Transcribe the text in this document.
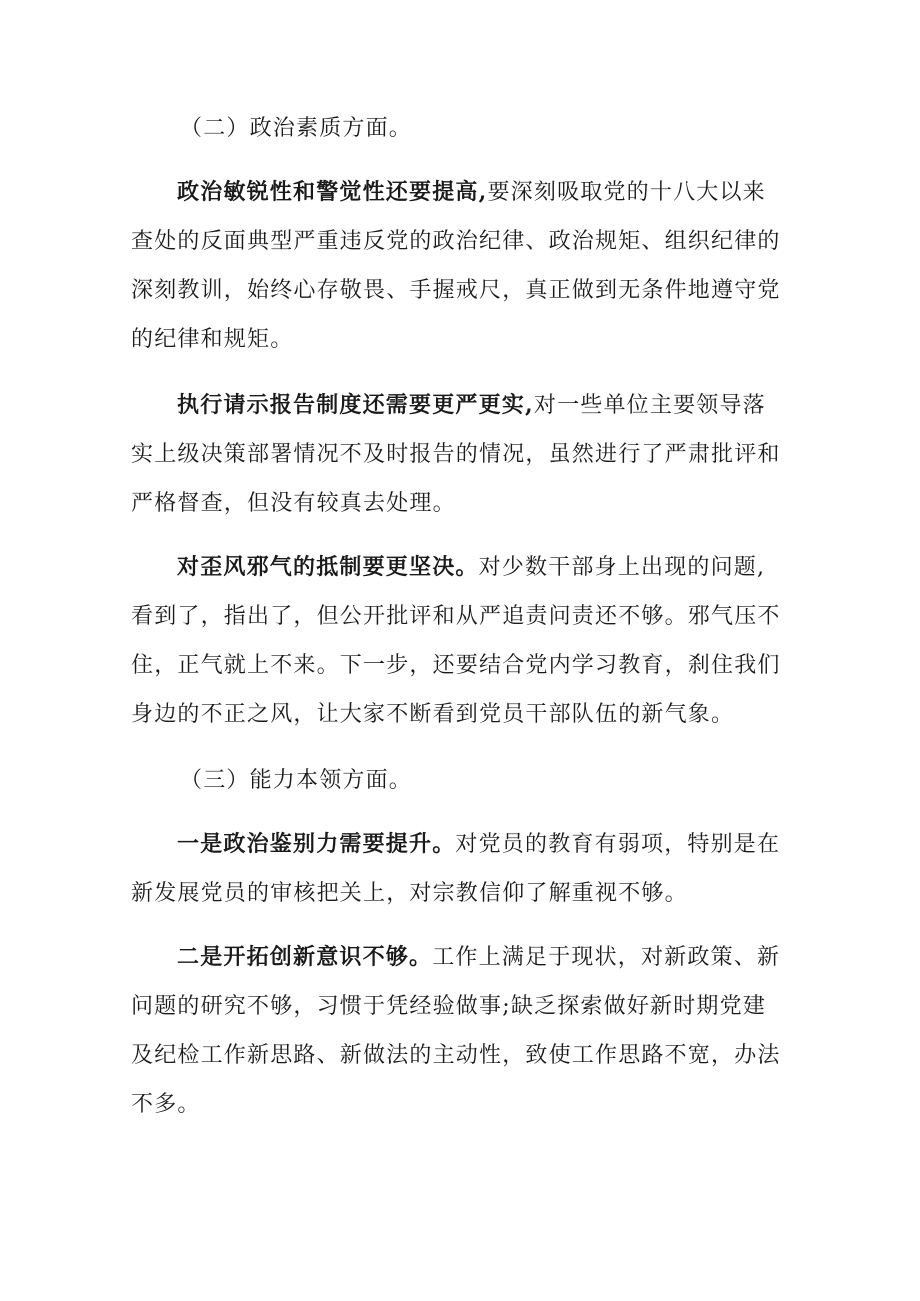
（二）政治素质方面。

政治敏锐性和警觉性还要提高,要深刻吸取党的十八大以来
查处的反面典型严重违反党的政治纪律、政治规矩、组织纪律的
深刻教训，始终心存敬畏、手握戒尺，真正做到无条件地遵守党
的纪律和规矩。
执行请示报告制度还需要更严更实,对一些单位主要领导落
实上级决策部署情况不及时报告的情况，虽然进行了严肃批评和
严格督查，但没有较真去处理。
对歪风邪气的抵制要更坚决。对少数干部身上出现的问题,
看到了，指出了，但公开批评和从严追责问责还不够。邪气压不
住，正气就上不来。下一步，还要结合党内学习教育，刹住我们
身边的不正之风，让大家不断看到党员干部队伍的新气象。

（三）能力本领方面。

一是政治鉴别力需要提升。对党员的教育有弱项，特别是在
新发展党员的审核把关上，对宗教信仰了解重视不够。
二是开拓创新意识不够。工作上满足于现状，对新政策、新
问题的研究不够，习惯于凭经验做事;缺乏探索做好新时期党建
及纪检工作新思路、新做法的主动性，致使工作思路不宽，办法
不多。
